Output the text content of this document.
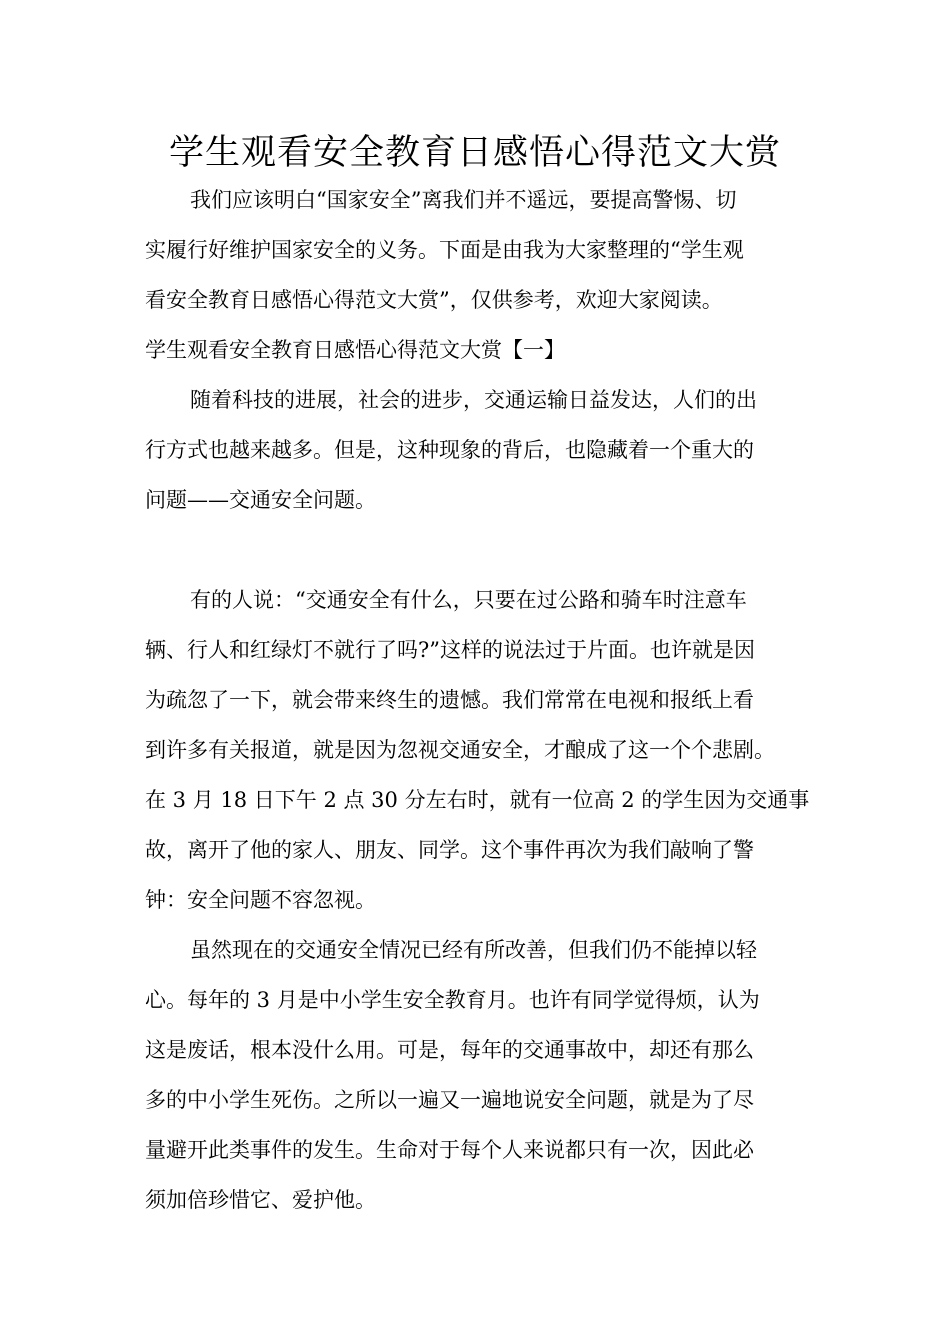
学生观看安全教育日感悟心得范文大赏
我们应该明白“国家安全”离我们并不遥远，要提高警惕、切
实履行好维护国家安全的义务。下面是由我为大家整理的“学生观
看安全教育日感悟心得范文大赏”，仅供参考，欢迎大家阅读。
学生观看安全教育日感悟心得范文大赏【一】
随着科技的进展，社会的进步，交通运输日益发达，人们的出
行方式也越来越多。但是，这种现象的背后，也隐藏着一个重大的
问题——交通安全问题。
有的人说：“交通安全有什么，只要在过公路和骑车时注意车
辆、行人和红绿灯不就行了吗?”这样的说法过于片面。也许就是因
为疏忽了一下，就会带来终生的遗憾。我们常常在电视和报纸上看
到许多有关报道，就是因为忽视交通安全，才酿成了这一个个悲剧。
在 3 月 18 日下午 2 点 30 分左右时，就有一位高 2 的学生因为交通事
故，离开了他的家人、朋友、同学。这个事件再次为我们敲响了警
钟：安全问题不容忽视。
虽然现在的交通安全情况已经有所改善，但我们仍不能掉以轻
心。每年的 3 月是中小学生安全教育月。也许有同学觉得烦，认为
这是废话，根本没什么用。可是，每年的交通事故中，却还有那么
多的中小学生死伤。之所以一遍又一遍地说安全问题，就是为了尽
量避开此类事件的发生。生命对于每个人来说都只有一次，因此必
须加倍珍惜它、爱护他。
